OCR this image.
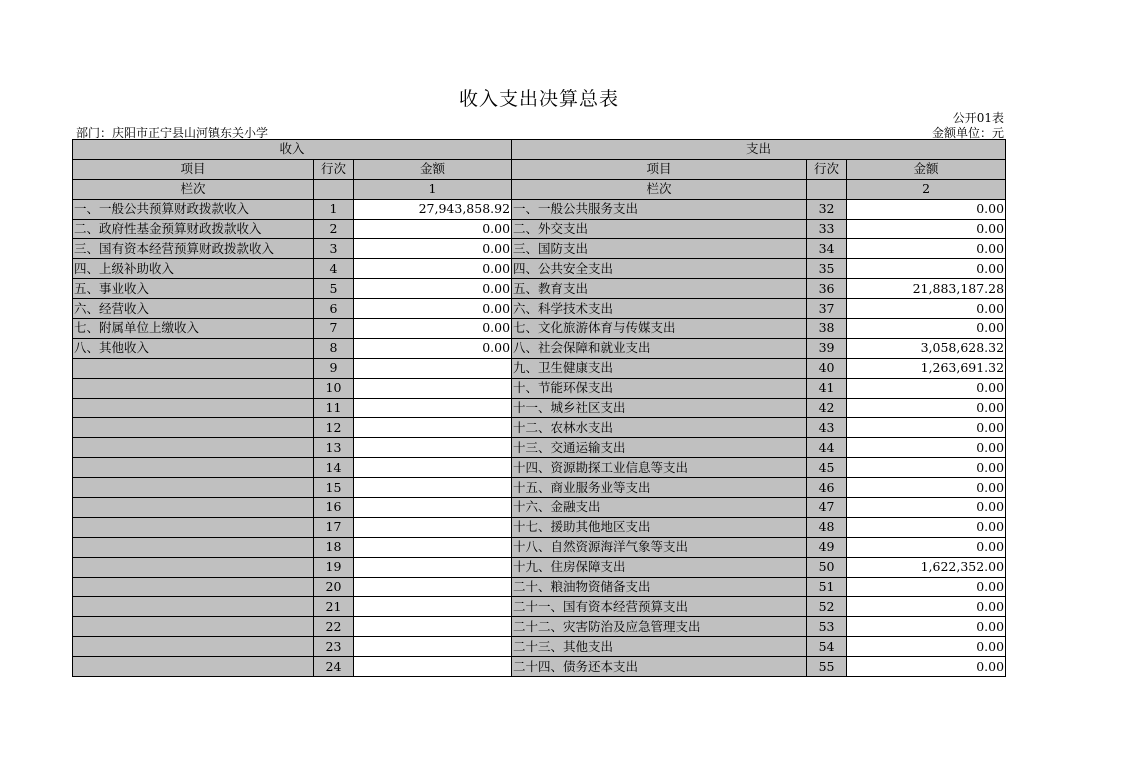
收入支出决算总表
公开01表
部门：庆阳市正宁县山河镇东关小学	金额单位：元
收入			支出		
项目	行次	金额	项目	行次	金额
栏次		1	栏次		2
一、一般公共预算财政拨款收入	1	27,943,858.92	一、一般公共服务支出	32	0.00
二、政府性基金预算财政拨款收入	2	0.00	二、外交支出	33	0.00
三、国有资本经营预算财政拨款收入	3	0.00	三、国防支出	34	0.00
四、上级补助收入	4	0.00	四、公共安全支出	35	0.00
五、事业收入	5	0.00	五、教育支出	36	21,883,187.28
六、经营收入	6	0.00	六、科学技术支出	37	0.00
七、附属单位上缴收入	7	0.00	七、文化旅游体育与传媒支出	38	0.00
八、其他收入	8	0.00	八、社会保障和就业支出	39	3,058,628.32
	9		九、卫生健康支出	40	1,263,691.32
	10		十、节能环保支出	41	0.00
	11		十一、城乡社区支出	42	0.00
	12		十二、农林水支出	43	0.00
	13		十三、交通运输支出	44	0.00
	14		十四、资源勘探工业信息等支出	45	0.00
	15		十五、商业服务业等支出	46	0.00
	16		十六、金融支出	47	0.00
	17		十七、援助其他地区支出	48	0.00
	18		十八、自然资源海洋气象等支出	49	0.00
	19		十九、住房保障支出	50	1,622,352.00
	20		二十、粮油物资储备支出	51	0.00
	21		二十一、国有资本经营预算支出	52	0.00
	22		二十二、灾害防治及应急管理支出	53	0.00
	23		二十三、其他支出	54	0.00
	24		二十四、债务还本支出	55	0.00
